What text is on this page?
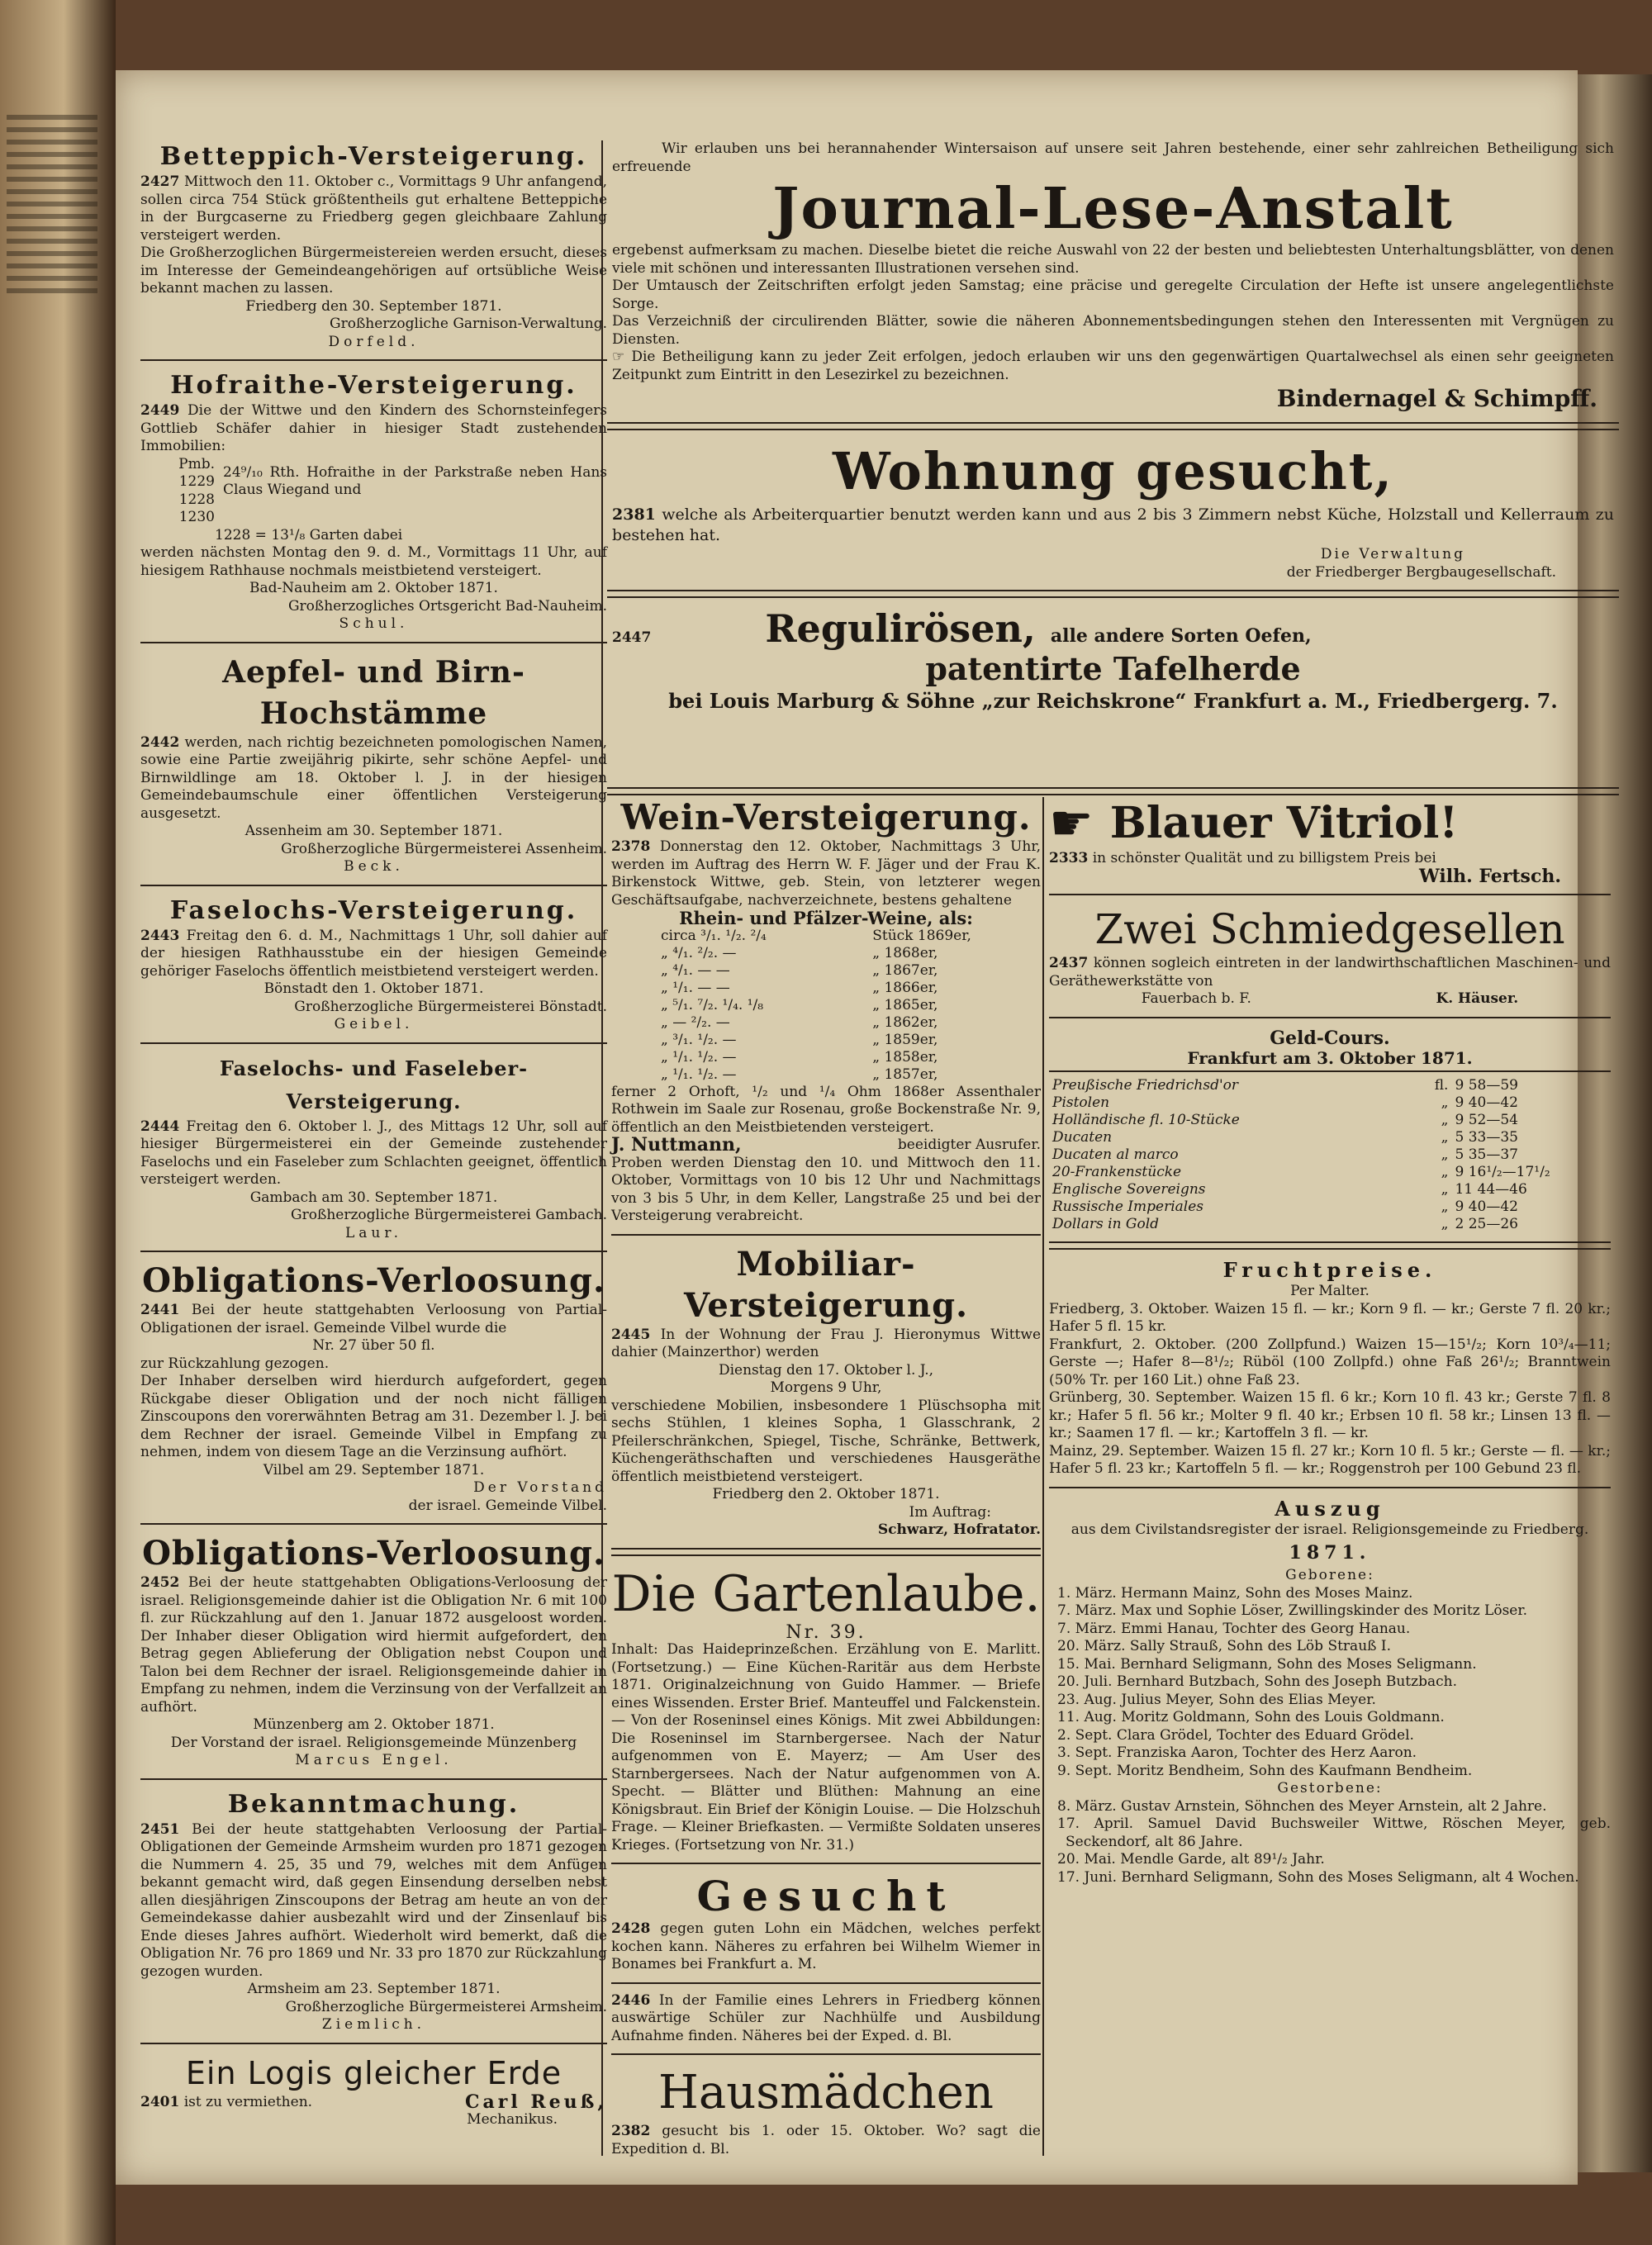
Betteppich-Versteigerung.
2427 Mittwoch den 11. Oktober c., Vormittags 9 Uhr anfangend, sollen circa 754 Stück größtentheils gut erhaltene Betteppiche in der Burgcaserne zu Friedberg gegen gleichbaare Zahlung versteigert werden.
Die Großherzoglichen Bürgermeistereien werden ersucht, dieses im Interesse der Gemeindeangehörigen auf ortsübliche Weise bekannt machen zu lassen.
Friedberg den 30. September 1871.
Großherzogliche Garnison-Verwaltung.
Dorfeld.
Hofraithe-Versteigerung.
2449 Die der Wittwe und den Kindern des Schornsteinfegers Gottlieb Schäfer dahier in hiesiger Stadt zustehenden Immobilien:
Pmb. 1229
1228
1230
24⁹/₁₀ Rth. Hofraithe in der Parkstraße neben Hans Claus Wiegand und
1228 = 13¹/₈ Garten dabei
werden nächsten Montag den 9. d. M., Vormittags 11 Uhr, auf hiesigem Rathhause nochmals meistbietend versteigert.
Bad-Nauheim am 2. Oktober 1871.
Großherzogliches Ortsgericht Bad-Nauheim.
Schul.
Aepfel- und Birn-Hochstämme
2442 werden, nach richtig bezeichneten pomologischen Namen, sowie eine Partie zweijährig pikirte, sehr schöne Aepfel- und Birnwildlinge am 18. Oktober l. J. in der hiesigen Gemeindebaumschule einer öffentlichen Versteigerung ausgesetzt.
Assenheim am 30. September 1871.
Großherzogliche Bürgermeisterei Assenheim.
Beck.
Faselochs-Versteigerung.
2443 Freitag den 6. d. M., Nachmittags 1 Uhr, soll dahier auf der hiesigen Rathhausstube ein der hiesigen Gemeinde gehöriger Faselochs öffentlich meistbietend versteigert werden.
Bönstadt den 1. Oktober 1871.
Großherzogliche Bürgermeisterei Bönstadt.
Geibel.
Faselochs- und Faseleber-Versteigerung.
2444 Freitag den 6. Oktober l. J., des Mittags 12 Uhr, soll auf hiesiger Bürgermeisterei ein der Gemeinde zustehender Faselochs und ein Faseleber zum Schlachten geeignet, öffentlich versteigert werden.
Gambach am 30. September 1871.
Großherzogliche Bürgermeisterei Gambach.
Laur.
Obligations-Verloosung.
2441 Bei der heute stattgehabten Verloosung von Partial-Obligationen der israel. Gemeinde Vilbel wurde die
Nr. 27 über 50 fl.
zur Rückzahlung gezogen.
Der Inhaber derselben wird hierdurch aufgefordert, gegen Rückgabe dieser Obligation und der noch nicht fälligen Zinscoupons den vorerwähnten Betrag am 31. Dezember l. J. bei dem Rechner der israel. Gemeinde Vilbel in Empfang zu nehmen, indem von diesem Tage an die Verzinsung aufhört.
Vilbel am 29. September 1871.
Der Vorstand
der israel. Gemeinde Vilbel.
Obligations-Verloosung.
2452 Bei der heute stattgehabten Obligations-Verloosung der israel. Religionsgemeinde dahier ist die Obligation Nr. 6 mit 100 fl. zur Rückzahlung auf den 1. Januar 1872 ausgeloost worden. Der Inhaber dieser Obligation wird hiermit aufgefordert, den Betrag gegen Ablieferung der Obligation nebst Coupon und Talon bei dem Rechner der israel. Religionsgemeinde dahier in Empfang zu nehmen, indem die Verzinsung von der Verfallzeit an aufhört.
Münzenberg am 2. Oktober 1871.
Der Vorstand der israel. Religionsgemeinde Münzenberg
Marcus Engel.
Bekanntmachung.
2451 Bei der heute stattgehabten Verloosung der Partial-Obligationen der Gemeinde Armsheim wurden pro 1871 gezogen die Nummern 4. 25, 35 und 79, welches mit dem Anfügen bekannt gemacht wird, daß gegen Einsendung derselben nebst allen diesjährigen Zinscoupons der Betrag am heute an von der Gemeindekasse dahier ausbezahlt wird und der Zinsenlauf bis Ende dieses Jahres aufhört. Wiederholt wird bemerkt, daß die Obligation Nr. 76 pro 1869 und Nr. 33 pro 1870 zur Rückzahlung gezogen wurden.
Armsheim am 23. September 1871.
Großherzogliche Bürgermeisterei Armsheim.
Ziemlich.
Ein Logis gleicher Erde
2401 ist zu vermiethen.	Carl Reuß,
Mechanikus.
Wir erlauben uns bei herannahender Wintersaison auf unsere seit Jahren bestehende, einer sehr zahlreichen Betheiligung sich erfreuende
Journal-Lese-Anstalt
ergebenst aufmerksam zu machen. Dieselbe bietet die reiche Auswahl von 22 der besten und beliebtesten Unterhaltungsblätter, von denen viele mit schönen und interessanten Illustrationen versehen sind.
Der Umtausch der Zeitschriften erfolgt jeden Samstag; eine präcise und geregelte Circulation der Hefte ist unsere angelegentlichste Sorge.
Das Verzeichniß der circulirenden Blätter, sowie die näheren Abonnementsbedingungen stehen den Interessenten mit Vergnügen zu Diensten.
☞ Die Betheiligung kann zu jeder Zeit erfolgen, jedoch erlauben wir uns den gegenwärtigen Quartalwechsel als einen sehr geeigneten Zeitpunkt zum Eintritt in den Lesezirkel zu bezeichnen.
Bindernagel & Schimpff.
Wohnung gesucht,
2381 welche als Arbeiterquartier benutzt werden kann und aus 2 bis 3 Zimmern nebst Küche, Holzstall und Kellerraum zu bestehen hat.
Die Verwaltung
der Friedberger Bergbaugesellschaft.
2447	Regulirösen, alle andere Sorten Oefen,
patentirte Tafelherde
bei Louis Marburg & Söhne „zur Reichskrone“ Frankfurt a. M., Friedbergerg. 7.
Wein-Versteigerung.
2378 Donnerstag den 12. Oktober, Nachmittags 3 Uhr, werden im Auftrag des Herrn W. F. Jäger und der Frau K. Birkenstock Wittwe, geb. Stein, von letzterer wegen Geschäftsaufgabe, nachverzeichnete, bestens gehaltene
Rhein- und Pfälzer-Weine, als:
circa ³/₁. ¹/₂. ²/₄	Stück 1869er,
„ ⁴/₁. ²/₂. —	„ 1868er,
„ ⁴/₁. — —	„ 1867er,
„ ¹/₁. — —	„ 1866er,
„ ⁵/₁. ⁷/₂. ¹/₄. ¹/₈	„ 1865er,
„ — ²/₂. —	„ 1862er,
„ ³/₁. ¹/₂. —	„ 1859er,
„ ¹/₁. ¹/₂. —	„ 1858er,
„ ¹/₁. ¹/₂. —	„ 1857er,
ferner 2 Orhoft, ¹/₂ und ¹/₄ Ohm 1868er Assenthaler Rothwein im Saale zur Rosenau, große Bockenstraße Nr. 9, öffentlich an den Meistbietenden versteigert.
J. Nuttmann,	beeidigter Ausrufer.
Proben werden Dienstag den 10. und Mittwoch den 11. Oktober, Vormittags von 10 bis 12 Uhr und Nachmittags von 3 bis 5 Uhr, in dem Keller, Langstraße 25 und bei der Versteigerung verabreicht.
Mobiliar-Versteigerung.
2445 In der Wohnung der Frau J. Hieronymus Wittwe dahier (Mainzerthor) werden
Dienstag den 17. Oktober l. J.,
Morgens 9 Uhr,
verschiedene Mobilien, insbesondere 1 Plüschsopha mit sechs Stühlen, 1 kleines Sopha, 1 Glasschrank, 2 Pfeilerschränkchen, Spiegel, Tische, Schränke, Bettwerk, Küchengeräthschaften und verschiedenes Hausgeräthe öffentlich meistbietend versteigert.
Friedberg den 2. Oktober 1871.
Im Auftrag:
Schwarz, Hofratator.
Die Gartenlaube.
Nr. 39.
Inhalt: Das Haideprinzeßchen. Erzählung von E. Marlitt. (Fortsetzung.) — Eine Küchen-Raritär aus dem Herbste 1871. Originalzeichnung von Guido Hammer. — Briefe eines Wissenden. Erster Brief. Manteuffel und Falckenstein. — Von der Roseninsel eines Königs. Mit zwei Abbildungen: Die Roseninsel im Starnbergersee. Nach der Natur aufgenommen von E. Mayerz; — Am User des Starnbergersees. Nach der Natur aufgenommen von A. Specht. — Blätter und Blüthen: Mahnung an eine Königsbraut. Ein Brief der Königin Louise. — Die Holzschuh Frage. — Kleiner Briefkasten. — Vermißte Soldaten unseres Krieges. (Fortsetzung von Nr. 31.)
Gesucht
2428 gegen guten Lohn ein Mädchen, welches perfekt kochen kann. Näheres zu erfahren bei Wilhelm Wiemer in Bonames bei Frankfurt a. M.
2446 In der Familie eines Lehrers in Friedberg können auswärtige Schüler zur Nachhülfe und Ausbildung Aufnahme finden. Näheres bei der Exped. d. Bl.
Hausmädchen
2382 gesucht bis 1. oder 15. Oktober. Wo? sagt die Expedition d. Bl.
☛ Blauer Vitriol!
2333 in schönster Qualität und zu billigstem Preis bei
Wilh. Fertsch.
Zwei Schmiedgesellen
2437 können sogleich eintreten in der landwirthschaftlichen Maschinen- und Geräthewerkstätte von
Fauerbach b. F.	K. Häuser.
Geld-Cours.
Frankfurt am 3. Oktober 1871.
Preußische Friedrichsd'or	fl.	9 58—59
Pistolen	„	9 40—42
Holländische fl. 10-Stücke	„	9 52—54
Ducaten	„	5 33—35
Ducaten al marco	„	5 35—37
20-Frankenstücke	„	9 16¹/₂—17¹/₂
Englische Sovereigns	„	11 44—46
Russische Imperiales	„	9 40—42
Dollars in Gold	„	2 25—26
Fruchtpreise.
Per Malter.
Friedberg, 3. Oktober. Waizen 15 fl. — kr.; Korn 9 fl. — kr.; Gerste 7 fl. 20 kr.; Hafer 5 fl. 15 kr.
Frankfurt, 2. Oktober. (200 Zollpfund.) Waizen 15—15¹/₂; Korn 10³/₄—11; Gerste —; Hafer 8—8¹/₂; Rüböl (100 Zollpfd.) ohne Faß 26¹/₂; Branntwein (50% Tr. per 160 Lit.) ohne Faß 23.
Grünberg, 30. September. Waizen 15 fl. 6 kr.; Korn 10 fl. 43 kr.; Gerste 7 fl. 8 kr.; Hafer 5 fl. 56 kr.; Molter 9 fl. 40 kr.; Erbsen 10 fl. 58 kr.; Linsen 13 fl. — kr.; Saamen 17 fl. — kr.; Kartoffeln 3 fl. — kr.
Mainz, 29. September. Waizen 15 fl. 27 kr.; Korn 10 fl. 5 kr.; Gerste — fl. — kr.; Hafer 5 fl. 23 kr.; Kartoffeln 5 fl. — kr.; Roggenstroh per 100 Gebund 23 fl.
Auszug
aus dem Civilstandsregister der israel. Religionsgemeinde zu Friedberg.
1871.
Geborene:
1. März. Hermann Mainz, Sohn des Moses Mainz.
7. März. Max und Sophie Löser, Zwillingskinder des Moritz Löser.
7. März. Emmi Hanau, Tochter des Georg Hanau.
20. März. Sally Strauß, Sohn des Löb Strauß I.
15. Mai. Bernhard Seligmann, Sohn des Moses Seligmann.
20. Juli. Bernhard Butzbach, Sohn des Joseph Butzbach.
23. Aug. Julius Meyer, Sohn des Elias Meyer.
11. Aug. Moritz Goldmann, Sohn des Louis Goldmann.
2. Sept. Clara Grödel, Tochter des Eduard Grödel.
3. Sept. Franziska Aaron, Tochter des Herz Aaron.
9. Sept. Moritz Bendheim, Sohn des Kaufmann Bendheim.
Gestorbene:
8. März. Gustav Arnstein, Söhnchen des Meyer Arnstein, alt 2 Jahre.
17. April. Samuel David Buchsweiler Wittwe, Röschen Meyer, geb. Seckendorf, alt 86 Jahre.
20. Mai. Mendle Garde, alt 89¹/₂ Jahr.
17. Juni. Bernhard Seligmann, Sohn des Moses Seligmann, alt 4 Wochen.
